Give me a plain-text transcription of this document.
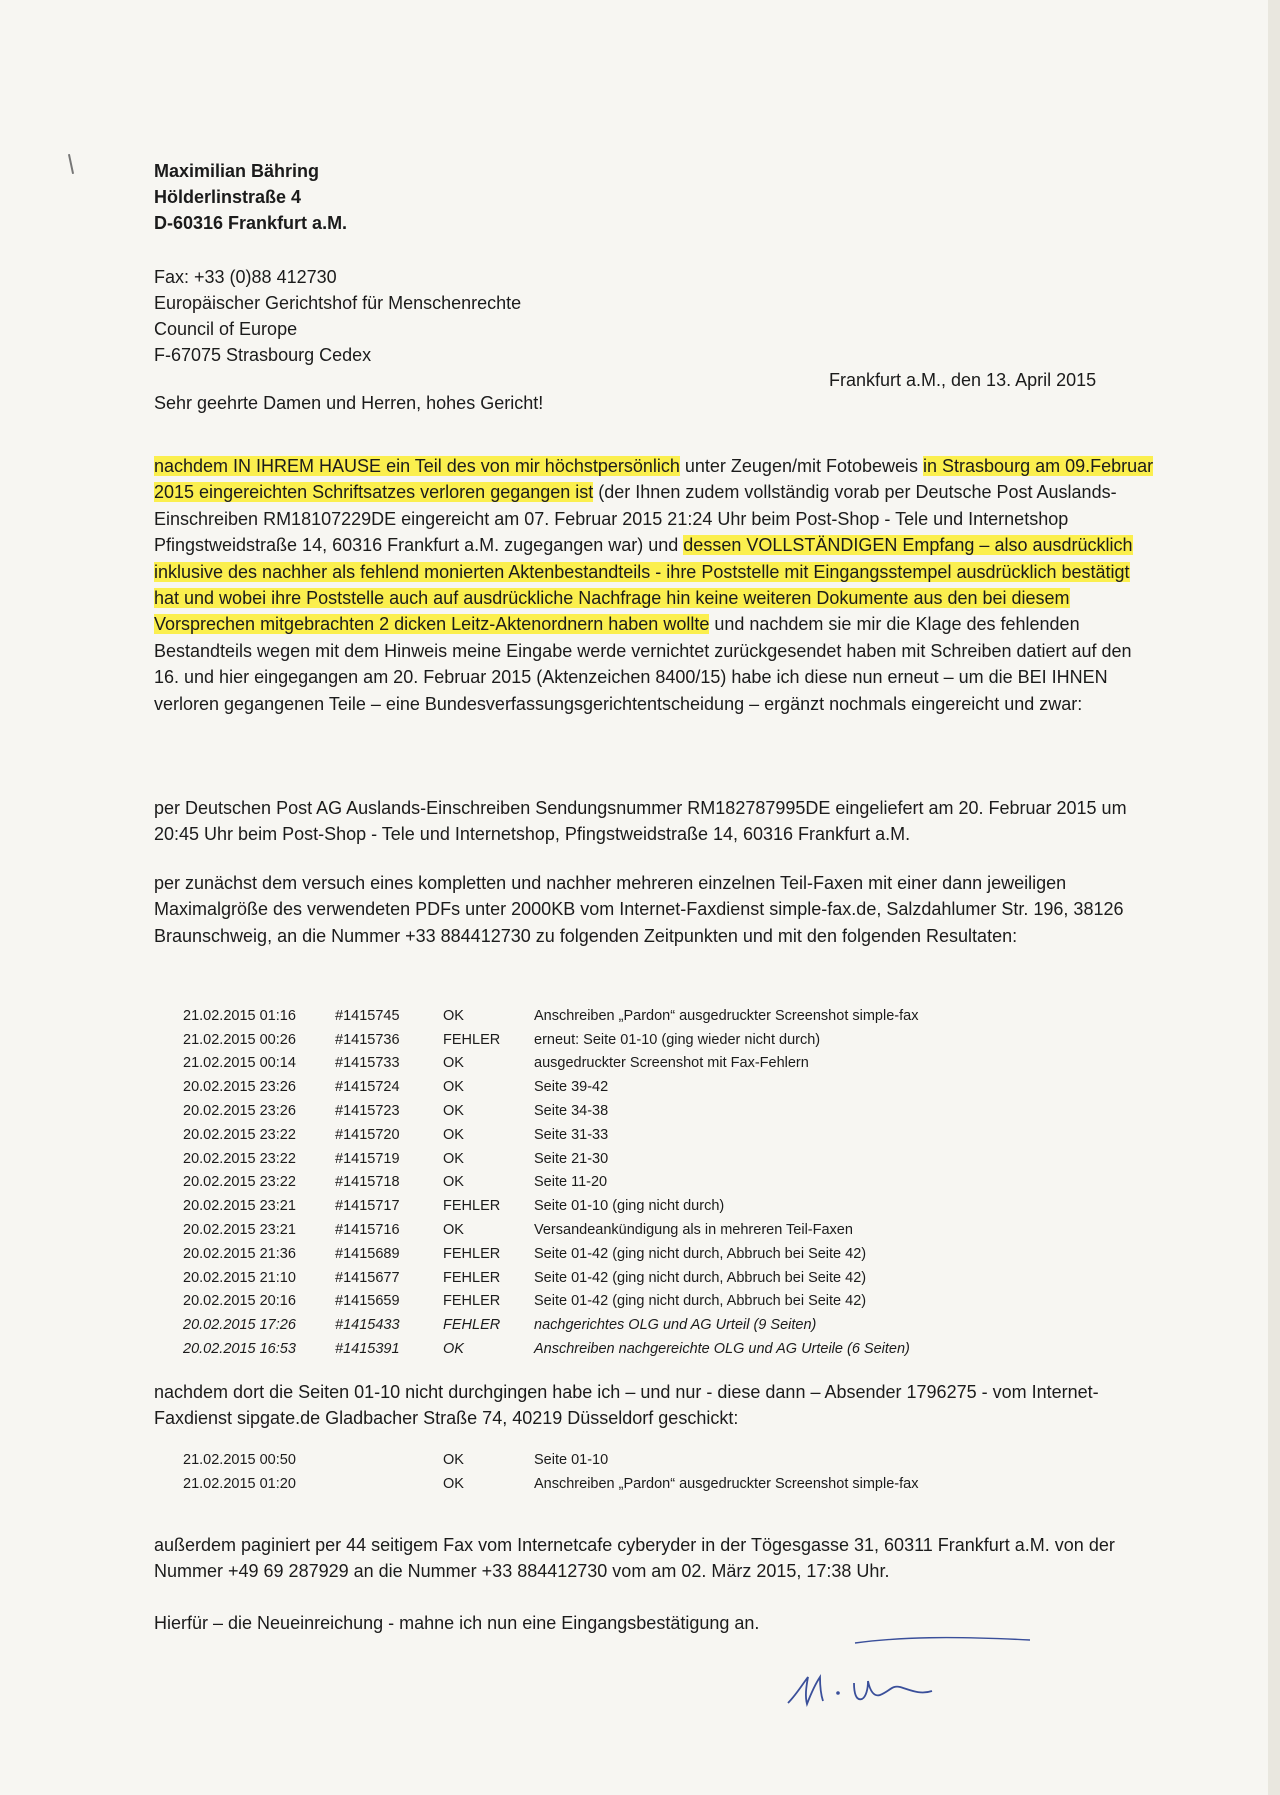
Maximilian Bähring
Hölderlinstraße 4
D-60316 Frankfurt a.M.
Fax: +33 (0)88 412730
Europäischer Gerichtshof für Menschenrechte
Council of Europe
F-67075 Strasbourg Cedex
Frankfurt a.M., den 13. April 2015
Sehr geehrte Damen und Herren, hohes Gericht!
nachdem IN IHREM HAUSE ein Teil des von mir höchstpersönlich unter Zeugen/mit Fotobeweis in Strasbourg am 09.Februar 2015 eingereichten Schriftsatzes verloren gegangen ist (der Ihnen zudem vollständig vorab per Deutsche Post Auslands-Einschreiben RM18107229DE eingereicht am 07. Februar 2015 21:24 Uhr beim Post-Shop - Tele und Internetshop Pfingstweidstraße 14, 60316 Frankfurt a.M. zugegangen war) und dessen VOLLSTÄNDIGEN Empfang – also ausdrücklich inklusive des nachher als fehlend monierten Aktenbestandteils - ihre Poststelle mit Eingangsstempel ausdrücklich bestätigt hat und wobei ihre Poststelle auch auf ausdrückliche Nachfrage hin keine weiteren Dokumente aus den bei diesem Vorsprechen mitgebrachten 2 dicken Leitz-Aktenordnern haben wollte und nachdem sie mir die Klage des fehlenden Bestandteils wegen mit dem Hinweis meine Eingabe werde vernichtet zurückgesendet haben mit Schreiben datiert auf den 16. und hier eingegangen am 20. Februar 2015 (Aktenzeichen 8400/15) habe ich diese nun erneut – um die BEI IHNEN verloren gegangenen Teile – eine Bundesverfassungsgerichtentscheidung – ergänzt nochmals eingereicht und zwar:
per Deutschen Post AG Auslands-Einschreiben Sendungsnummer RM182787995DE eingeliefert am 20. Februar 2015 um 20:45 Uhr beim Post-Shop - Tele und Internetshop, Pfingstweidstraße 14, 60316 Frankfurt a.M.
per zunächst dem versuch eines kompletten und nachher mehreren einzelnen Teil-Faxen mit einer dann jeweiligen Maximalgröße des verwendeten PDFs unter 2000KB vom Internet-Faxdienst simple-fax.de, Salzdahlumer Str. 196, 38126 Braunschweig, an die Nummer +33 884412730 zu folgenden Zeitpunkten und mit den folgenden Resultaten:
21.02.2015 01:16	#1415745	OK	Anschreiben „Pardon“ ausgedruckter Screenshot simple-fax
21.02.2015 00:26	#1415736	FEHLER	erneut: Seite 01-10 (ging wieder nicht durch)
21.02.2015 00:14	#1415733	OK	ausgedruckter Screenshot mit Fax-Fehlern
20.02.2015 23:26	#1415724	OK	Seite 39-42
20.02.2015 23:26	#1415723	OK	Seite 34-38
20.02.2015 23:22	#1415720	OK	Seite 31-33
20.02.2015 23:22	#1415719	OK	Seite 21-30
20.02.2015 23:22	#1415718	OK	Seite 11-20
20.02.2015 23:21	#1415717	FEHLER	Seite 01-10 (ging nicht durch)
20.02.2015 23:21	#1415716	OK	Versandeankündigung als in mehreren Teil-Faxen
20.02.2015 21:36	#1415689	FEHLER	Seite 01-42 (ging nicht durch, Abbruch bei Seite 42)
20.02.2015 21:10	#1415677	FEHLER	Seite 01-42 (ging nicht durch, Abbruch bei Seite 42)
20.02.2015 20:16	#1415659	FEHLER	Seite 01-42 (ging nicht durch, Abbruch bei Seite 42)
20.02.2015 17:26	#1415433	FEHLER	nachgerichtes OLG und AG Urteil (9 Seiten)
20.02.2015 16:53	#1415391	OK	Anschreiben nachgereichte OLG und AG Urteile (6 Seiten)
nachdem dort die Seiten 01-10 nicht durchgingen habe ich – und nur - diese dann – Absender 1796275 - vom Internet-Faxdienst sipgate.de Gladbacher Straße 74, 40219 Düsseldorf geschickt:
21.02.2015 00:50		OK	Seite 01-10
21.02.2015 01:20		OK	Anschreiben „Pardon“ ausgedruckter Screenshot simple-fax
außerdem paginiert per 44 seitigem Fax vom Internetcafe cyberyder in der Tögesgasse 31, 60311 Frankfurt a.M. von der Nummer +49 69 287929 an die Nummer +33 884412730 vom am 02. März 2015, 17:38 Uhr.
Hierfür – die Neueinreichung - mahne ich nun eine Eingangsbestätigung an.
